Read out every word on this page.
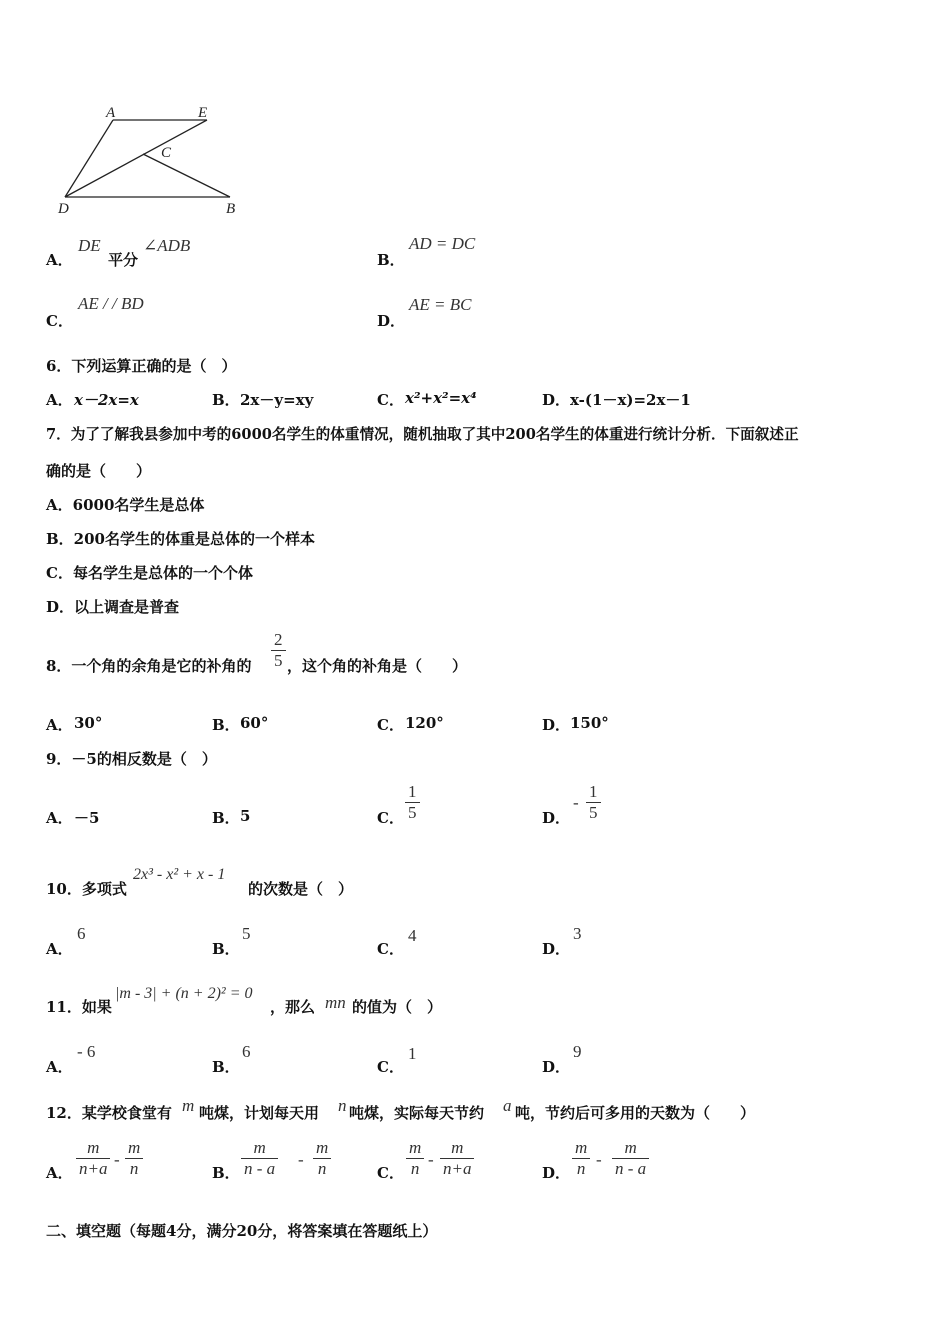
A	E
C
D	B
A．
DE
平分
∠ADB
B．
AD = DC
C．
AE / / BD
D．
AE = BC
6．下列运算正确的是（　）
A． x－2x=x	B． 2x－y=xy	C． x²+x²=x⁴	D． x-(1－x)=2x－1
7．为了了解我县参加中考的6000名学生的体重情况，随机抽取了其中200名学生的体重进行统计分析．下面叙述正
确的是（　　）
A．6000名学生是总体
B．200名学生的体重是总体的一个样本
C．每名学生是总体的一个个体
D．以上调查是普查
8．一个角的余角是它的补角的 $\frac{2}{5}$ ，这个角的补角是（　　）
A． 30°	B． 60°	C． 120°	D． 150°
9．－5的相反数是（　）
A． －5	B． 5	C． $\frac{1}{5}$	D．
- $\frac{1}{5}$
10．多项式
2x³ - x² + x - 1
的次数是（　）
A．
6
B．
5
C．
4
D．
3
11．如果
|m - 3| + (n + 2)² = 0
，那么 mn 的值为（　）
A．
- 6
B．
6
C．
1
D．
9
12．某学校食堂有 m 吨煤，计划每天用 n 吨煤，实际每天节约 a 吨，节约后可多用的天数为（　　）
A． $\frac{m}{n+a} - \frac{m}{n}$	B． $\frac{m}{n - a} - \frac{m}{n}$	C． $\frac{m}{n} - \frac{m}{n+a}$	D． $\frac{m}{n} - \frac{m}{n - a}$
二、填空题（每题4分，满分20分，将答案填在答题纸上）
